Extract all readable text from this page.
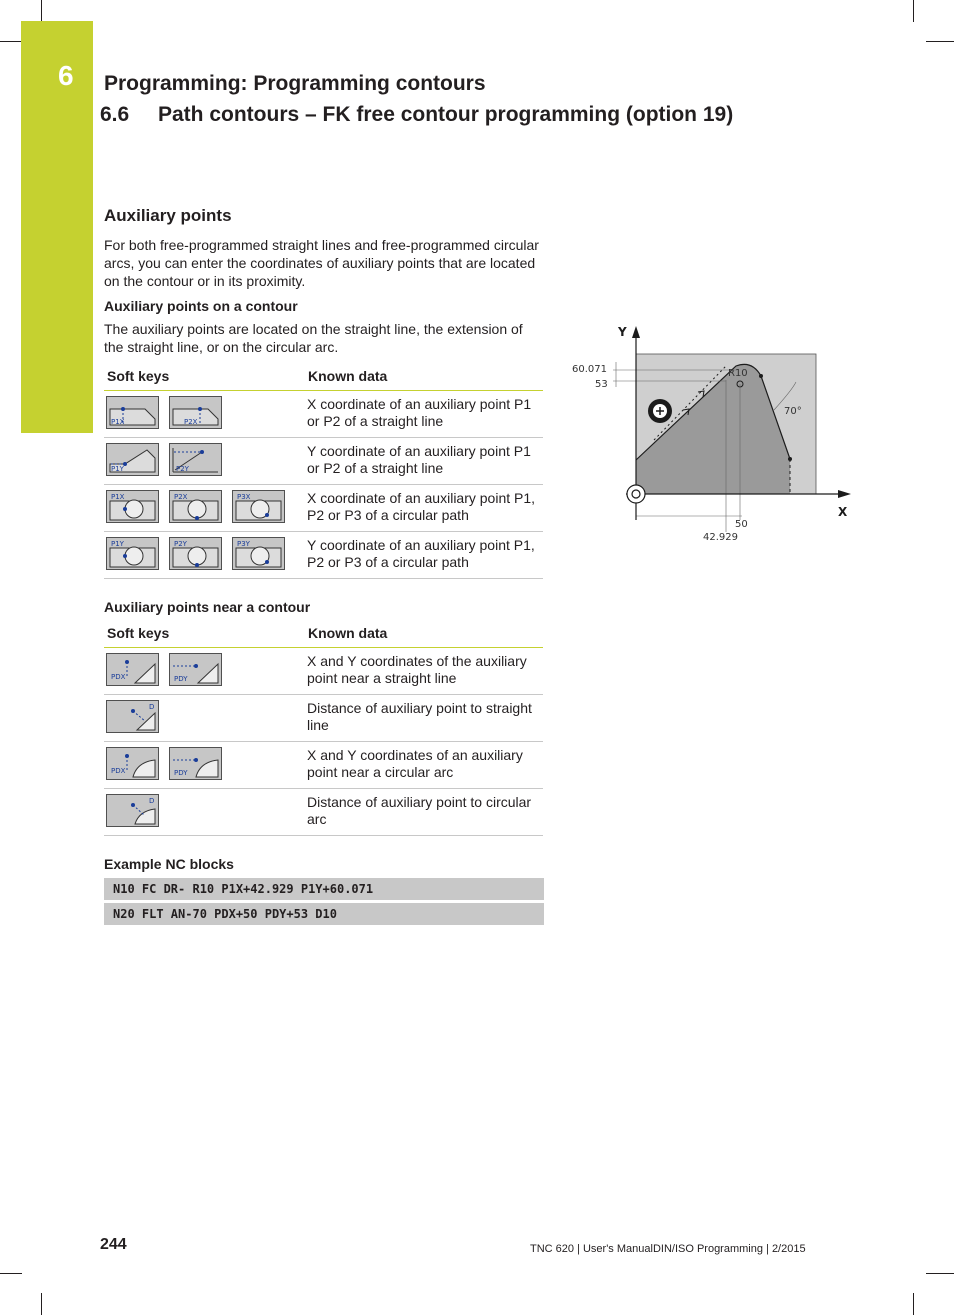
6 Programming: Programming contours
6.6 Path contours – FK free contour programming (option 19)
Auxiliary points

For both free-programmed straight lines and free-programmed circular arcs, you can enter the coordinates of auxiliary points that are located on the contour or in its proximity.

Auxiliary points on a contour

The auxiliary points are located on the straight line, the extension of the straight line, or on the circular arc.

Soft keys	Known data

P1X P2X	X coordinate of an auxiliary point P1 or P2 of a straight line

P1Y P2Y	Y coordinate of an auxiliary point P1 or P2 of a straight line

P1X P2X P3X	X coordinate of an auxiliary point P1, P2 or P3 of a circular path

P1Y P2Y P3Y	Y coordinate of an auxiliary point P1, P2 or P3 of a circular path
Auxiliary points near a contour
Soft keys	Known data

PDX PDY	X and Y coordinates of the auxiliary point near a straight line

D	Distance of auxiliary point to straight line

PDX PDY	X and Y coordinates of an auxiliary point near a circular arc

D	Distance of auxiliary point to circular arc
Example NC blocks
N10 FC DR- R10 P1X+42.929 P1Y+60.071
N20 FLT AN-70 PDX+50 PDY+53 D10
Y
X
60.071
53
R10
70°
50
42.929
244	TNC 620 | User's ManualDIN/ISO Programming | 2/2015
